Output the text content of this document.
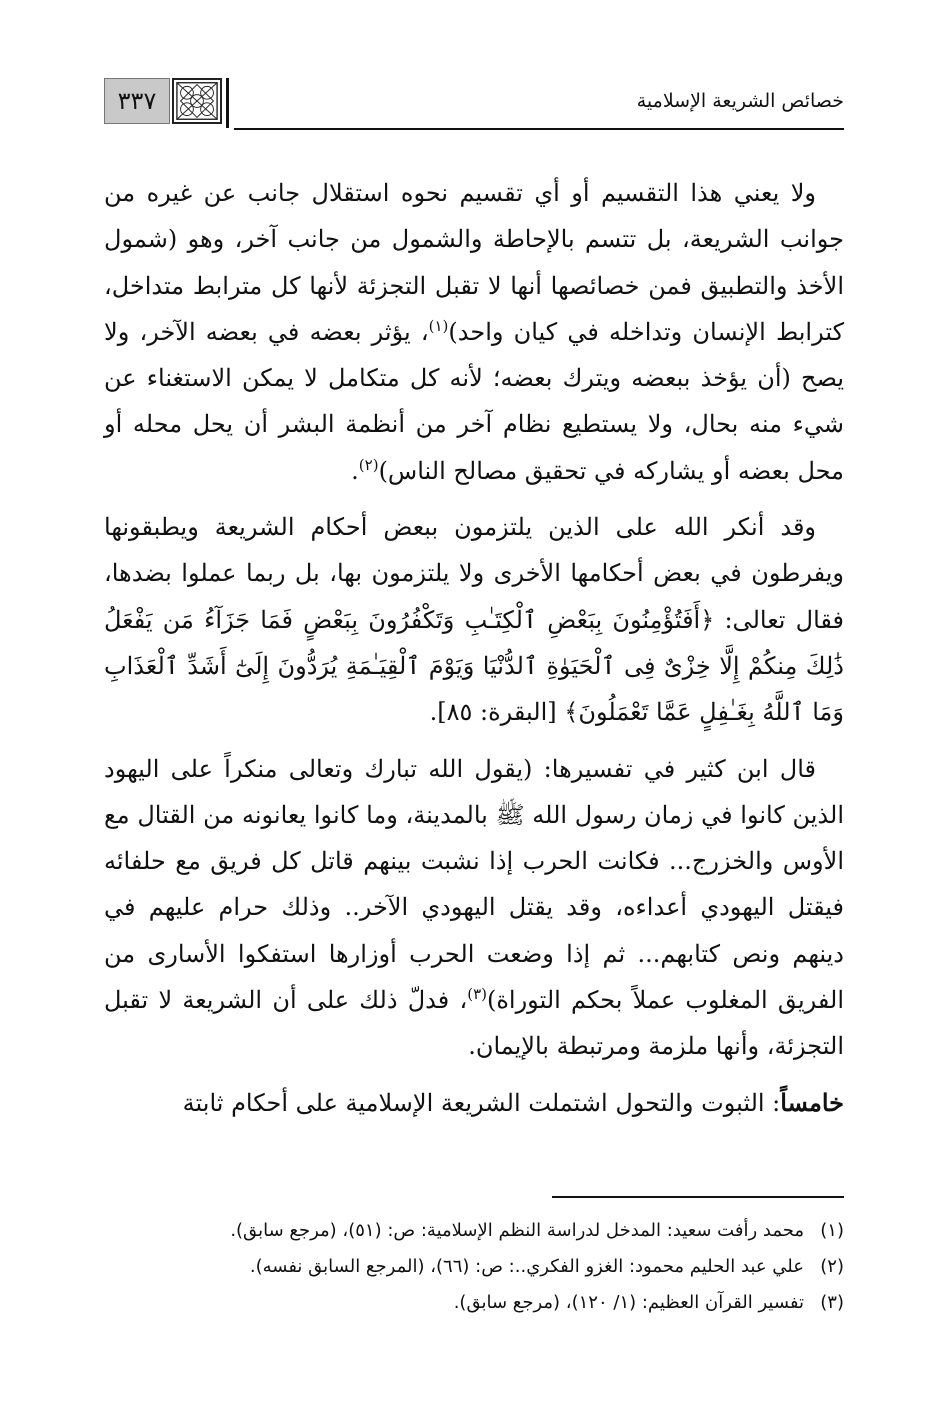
٣٣٧	خصائص الشريعة الإسلامية

ولا يعني هذا التقسيم أو أي تقسيم نحوه استقلال جانب عن غيره من جوانب الشريعة، بل تتسم بالإحاطة والشمول من جانب آخر، وهو (شمول الأخذ والتطبيق فمن خصائصها أنها لا تقبل التجزئة لأنها كل مترابط متداخل، كترابط الإنسان وتداخله في كيان واحد)$^{(١)}$، يؤثر بعضه في بعضه الآخر، ولا يصح (أن يؤخذ ببعضه ويترك بعضه؛ لأنه كل متكامل لا يمكن الاستغناء عن شيء منه بحال، ولا يستطيع نظام آخر من أنظمة البشر أن يحل محله أو محل بعضه أو يشاركه في تحقيق مصالح الناس)$^{(٢)}$.

وقد أنكر الله على الذين يلتزمون ببعض أحكام الشريعة ويطبقونها ويفرطون في بعض أحكامها الأخرى ولا يلتزمون بها، بل ربما عملوا بضدها، فقال تعالى: ﴿أَفَتُؤْمِنُونَ بِبَعْضِ ٱلْكِتَـٰبِ وَتَكْفُرُونَ بِبَعْضٍ فَمَا جَزَآءُ مَن يَفْعَلُ ذَٰلِكَ مِنكُمْ إِلَّا خِزْىٌ فِى ٱلْحَيَوٰةِ ٱلدُّنْيَا وَيَوْمَ ٱلْقِيَـٰمَةِ يُرَدُّونَ إِلَىٰٓ أَشَدِّ ٱلْعَذَابِ وَمَا ٱللَّهُ بِغَـٰفِلٍ عَمَّا تَعْمَلُونَ﴾ [البقرة: ٨٥].

قال ابن كثير في تفسيرها: (يقول الله تبارك وتعالى منكراً على اليهود الذين كانوا في زمان رسول الله ﷺ بالمدينة، وما كانوا يعانونه من القتال مع الأوس والخزرج... فكانت الحرب إذا نشبت بينهم قاتل كل فريق مع حلفائه فيقتل اليهودي أعداءه، وقد يقتل اليهودي الآخر.. وذلك حرام عليهم في دينهم ونص كتابهم... ثم إذا وضعت الحرب أوزارها استفكوا الأسارى من الفريق المغلوب عملاً بحكم التوراة)$^{(٣)}$، فدلّ ذلك على أن الشريعة لا تقبل التجزئة، وأنها ملزمة ومرتبطة بالإيمان.

خامساً: الثبوت والتحول اشتملت الشريعة الإسلامية على أحكام ثابتة

(١)محمد رأفت سعيد: المدخل لدراسة النظم الإسلامية: ص: (٥١)، (مرجع سابق).
(٢)علي عبد الحليم محمود: الغزو الفكري..: ص: (٦٦)، (المرجع السابق نفسه).
(٣)تفسير القرآن العظيم: (١/ ١٢٠)، (مرجع سابق).
